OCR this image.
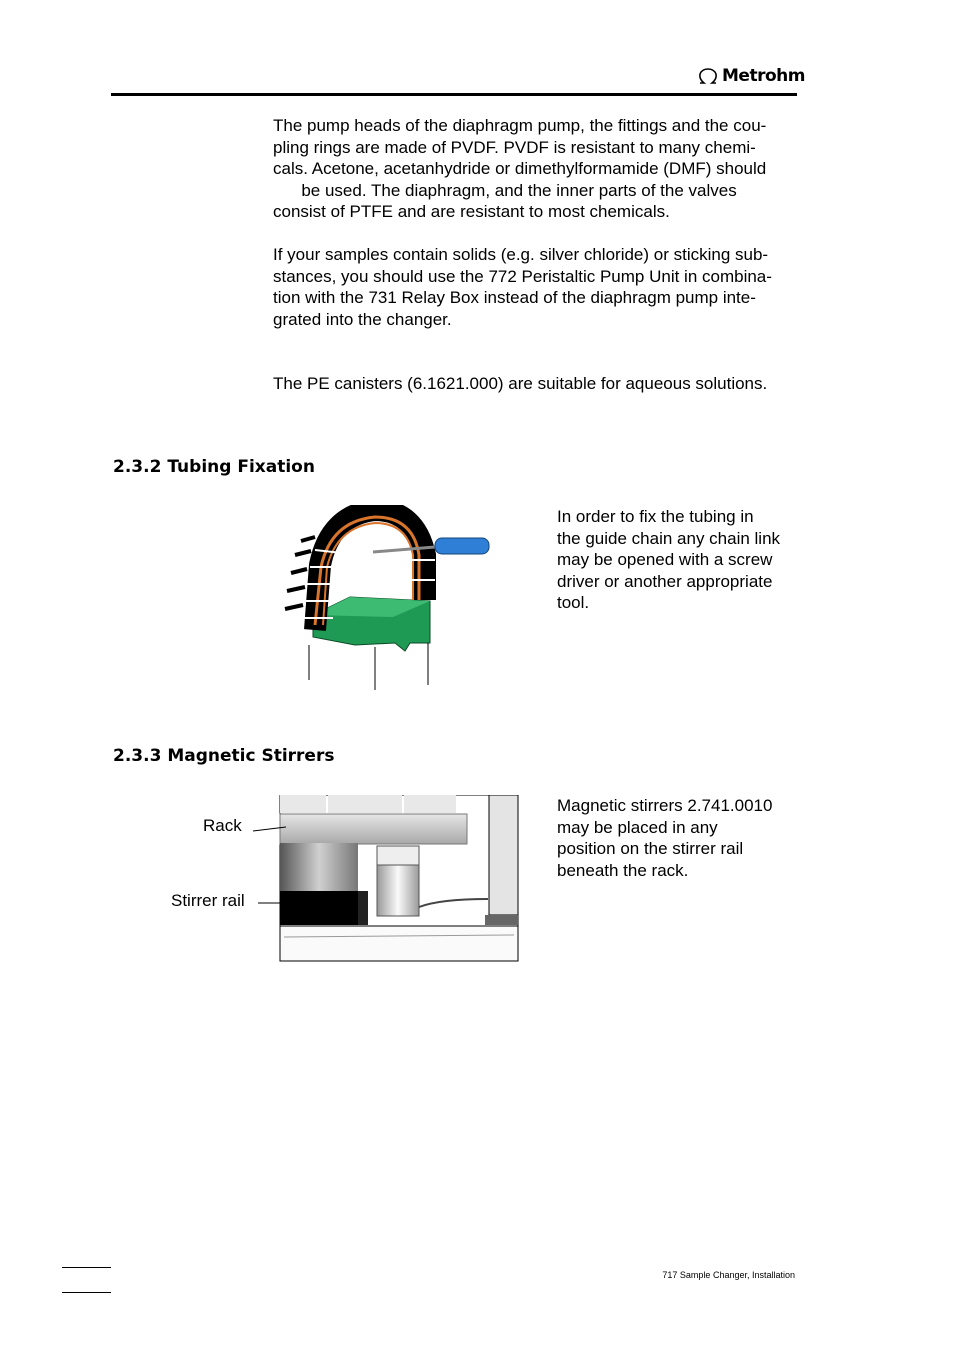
Metrohm
The pump heads of the diaphragm pump, the fittings and the cou-
pling rings are made of PVDF. PVDF is resistant to many chemi-
cals. Acetone, acetanhydride or dimethylformamide (DMF) should
be used. The diaphragm, and the inner parts of the valves
consist of PTFE and are resistant to most chemicals.
If your samples contain solids (e.g. silver chloride) or sticking sub-
stances, you should use the 772 Peristaltic Pump Unit in combina-
tion with the 731 Relay Box instead of the diaphragm pump inte-
grated into the changer.
The PE canisters (6.1621.000) are suitable for aqueous solutions.
2.3.2 Tubing Fixation
In order to fix the tubing in
the guide chain any chain link
may be opened with a screw
driver or another appropriate
tool.
2.3.3 Magnetic Stirrers
Rack
Stirrer rail
Magnetic stirrers 2.741.0010
may be placed in any
position on the stirrer rail
beneath the rack.
717 Sample Changer, Installation
